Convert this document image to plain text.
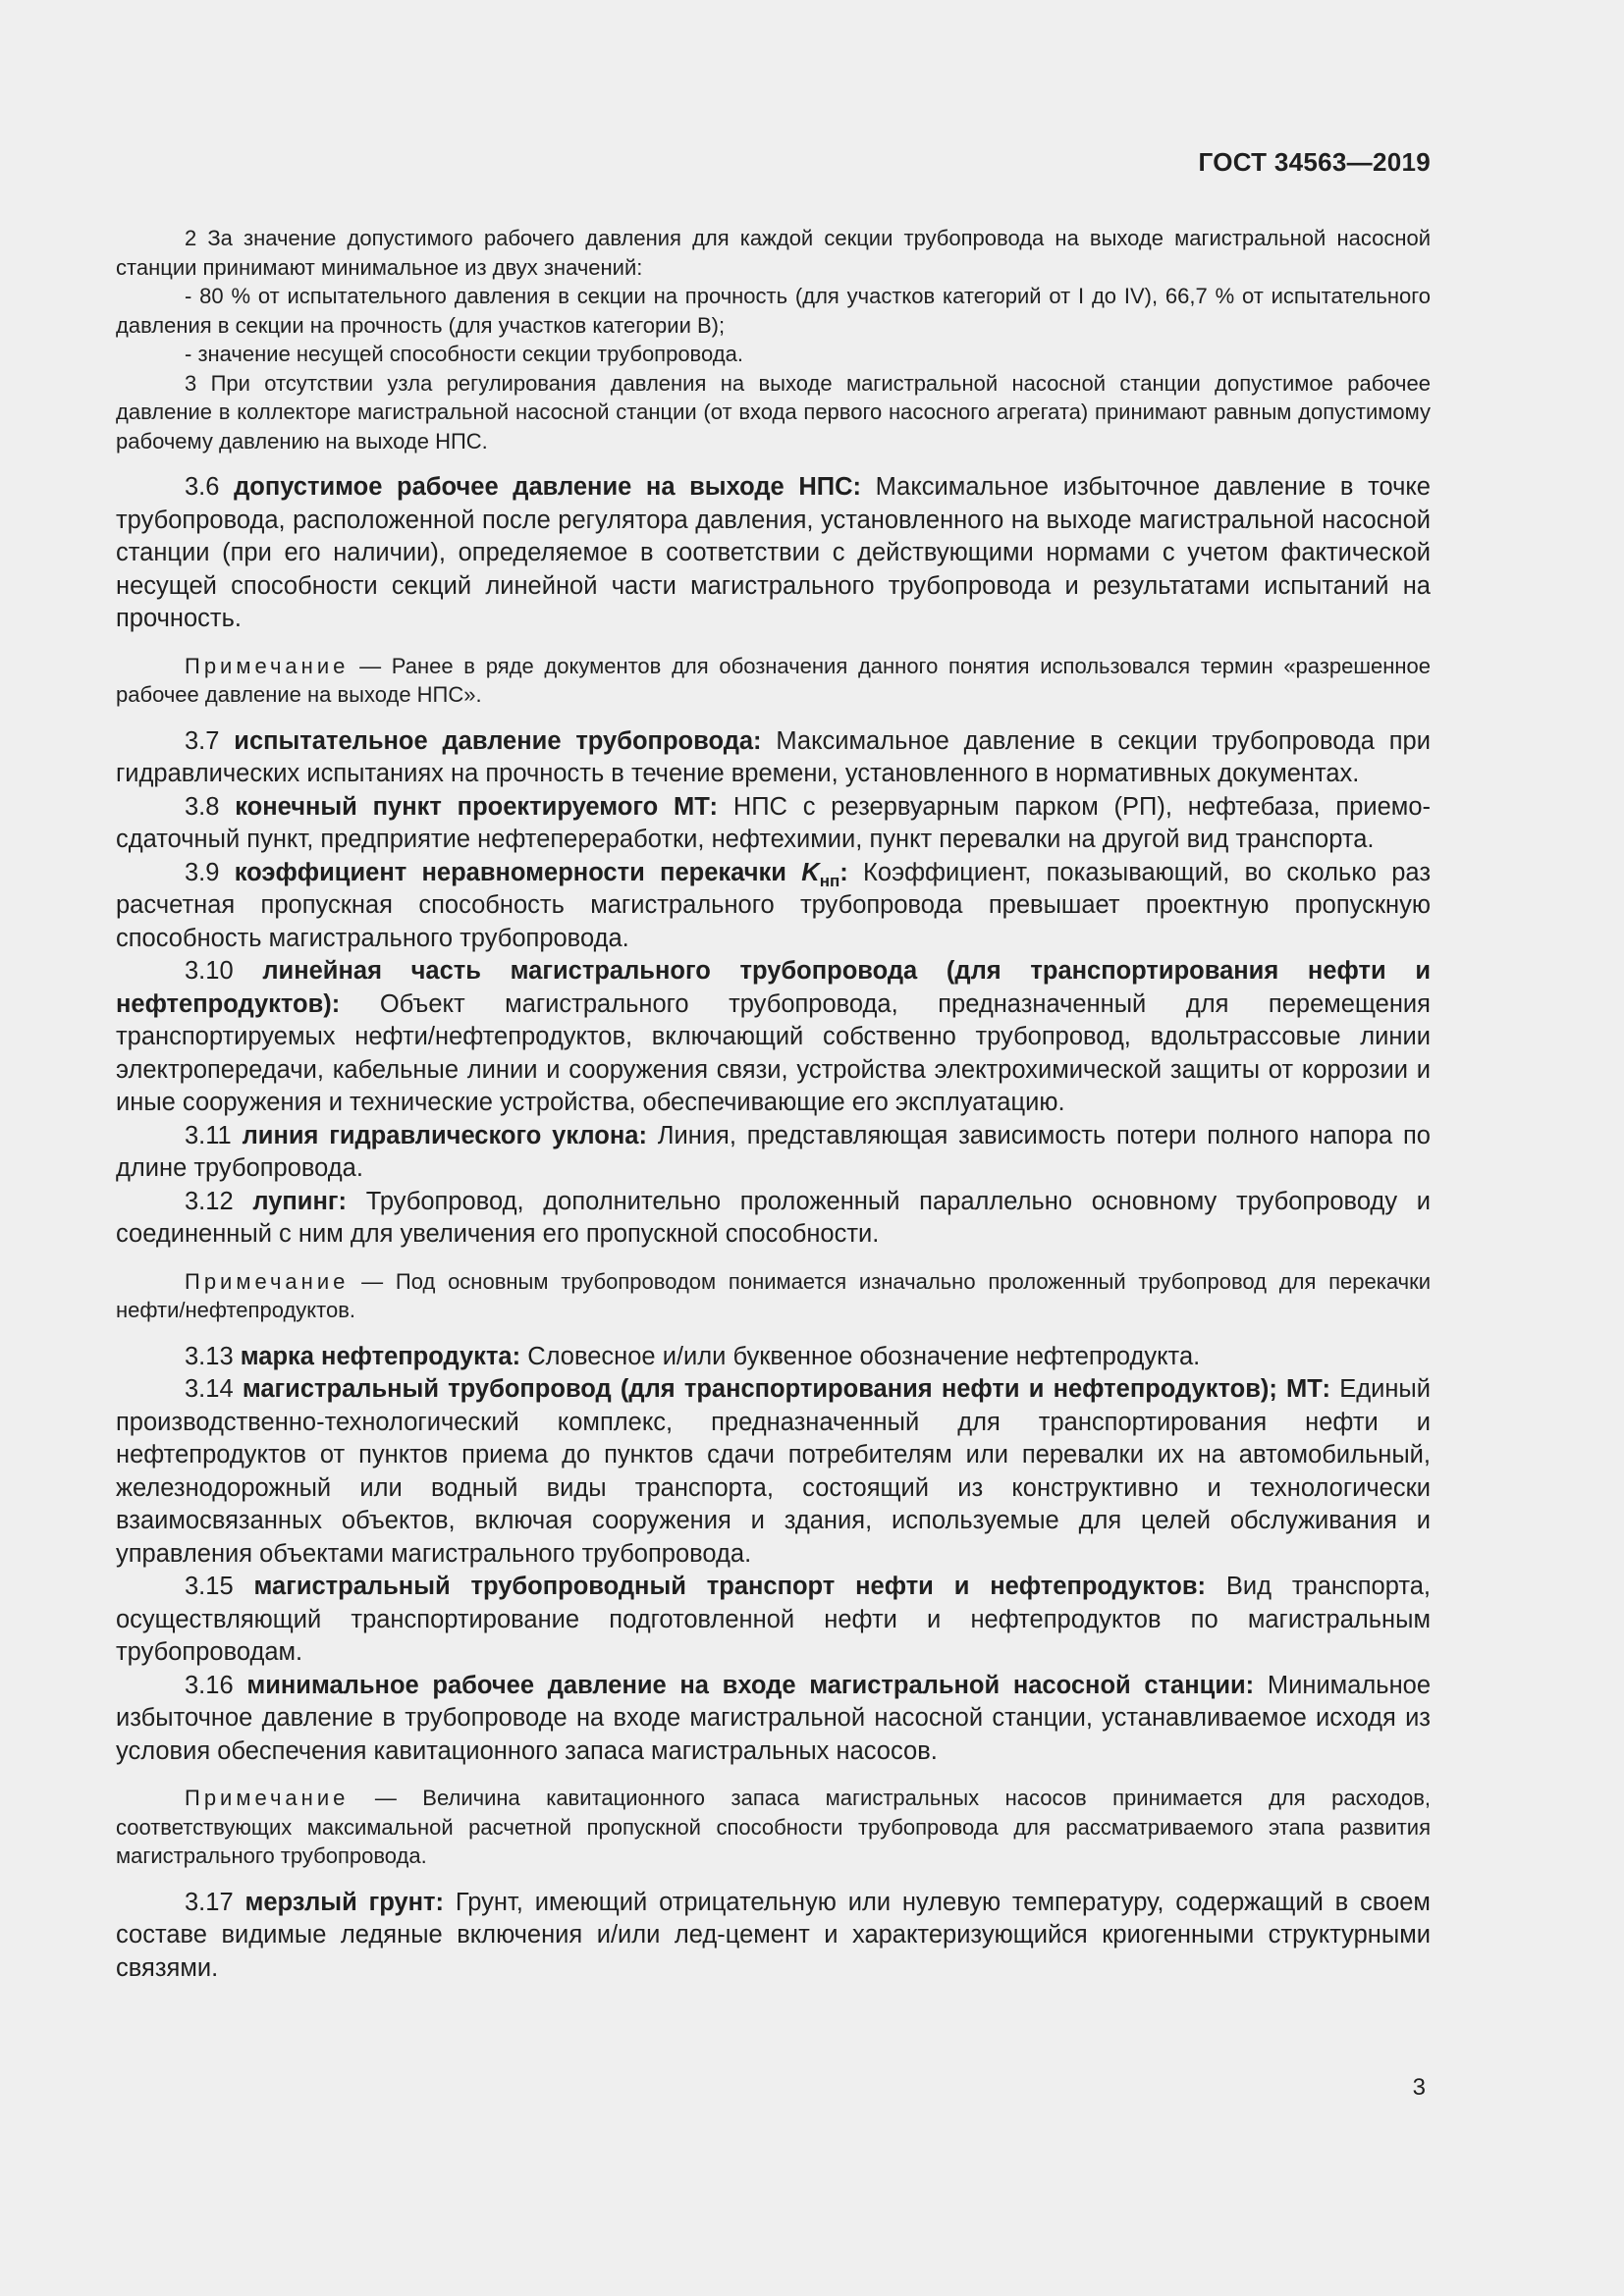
ГОСТ 34563—2019

2 За значение допустимого рабочего давления для каждой секции трубопровода на выходе магистральной насосной станции принимают минимальное из двух значений:

- 80 % от испытательного давления в секции на прочность (для участков категорий от I до IV), 66,7 % от испытательного давления в секции на прочность (для участков категории В);

- значение несущей способности секции трубопровода.

3 При отсутствии узла регулирования давления на выходе магистральной насосной станции допустимое рабочее давление в коллекторе магистральной насосной станции (от входа первого насосного агрегата) принимают равным допустимому рабочему давлению на выходе НПС.

3.6 допустимое рабочее давление на выходе НПС: Максимальное избыточное давление в точке трубопровода, расположенной после регулятора давления, установленного на выходе магистральной насосной станции (при его наличии), определяемое в соответствии с действующими нормами с учетом фактической несущей способности секций линейной части магистрального трубопровода и результатами испытаний на прочность.

Примечание — Ранее в ряде документов для обозначения данного понятия использовался термин «разрешенное рабочее давление на выходе НПС».

3.7 испытательное давление трубопровода: Максимальное давление в секции трубопровода при гидравлических испытаниях на прочность в течение времени, установленного в нормативных документах.

3.8 конечный пункт проектируемого МТ: НПС с резервуарным парком (РП), нефтебаза, приемо-сдаточный пункт, предприятие нефтепереработки, нефтехимии, пункт перевалки на другой вид транспорта.

3.9 коэффициент неравномерности перекачки $K_{нп}$: Коэффициент, показывающий, во сколько раз расчетная пропускная способность магистрального трубопровода превышает проектную пропускную способность магистрального трубопровода.

3.10 линейная часть магистрального трубопровода (для транспортирования нефти и нефтепродуктов): Объект магистрального трубопровода, предназначенный для перемещения транспортируемых нефти/нефтепродуктов, включающий собственно трубопровод, вдольтрассовые линии электропередачи, кабельные линии и сооружения связи, устройства электрохимической защиты от коррозии и иные сооружения и технические устройства, обеспечивающие его эксплуатацию.

3.11 линия гидравлического уклона: Линия, представляющая зависимость потери полного напора по длине трубопровода.

3.12 лупинг: Трубопровод, дополнительно проложенный параллельно основному трубопроводу и соединенный с ним для увеличения его пропускной способности.

Примечание — Под основным трубопроводом понимается изначально проложенный трубопровод для перекачки нефти/нефтепродуктов.

3.13 марка нефтепродукта: Словесное и/или буквенное обозначение нефтепродукта.

3.14 магистральный трубопровод (для транспортирования нефти и нефтепродуктов); МТ: Единый производственно-технологический комплекс, предназначенный для транспортирования нефти и нефтепродуктов от пунктов приема до пунктов сдачи потребителям или перевалки их на автомобильный, железнодорожный или водный виды транспорта, состоящий из конструктивно и технологически взаимосвязанных объектов, включая сооружения и здания, используемые для целей обслуживания и управления объектами магистрального трубопровода.

3.15 магистральный трубопроводный транспорт нефти и нефтепродуктов: Вид транспорта, осуществляющий транспортирование подготовленной нефти и нефтепродуктов по магистральным трубопроводам.

3.16 минимальное рабочее давление на входе магистральной насосной станции: Минимальное избыточное давление в трубопроводе на входе магистральной насосной станции, устанавливаемое исходя из условия обеспечения кавитационного запаса магистральных насосов.

Примечание — Величина кавитационного запаса магистральных насосов принимается для расходов, соответствующих максимальной расчетной пропускной способности трубопровода для рассматриваемого этапа развития магистрального трубопровода.

3.17 мерзлый грунт: Грунт, имеющий отрицательную или нулевую температуру, содержащий в своем составе видимые ледяные включения и/или лед-цемент и характеризующийся криогенными структурными связями.

3
